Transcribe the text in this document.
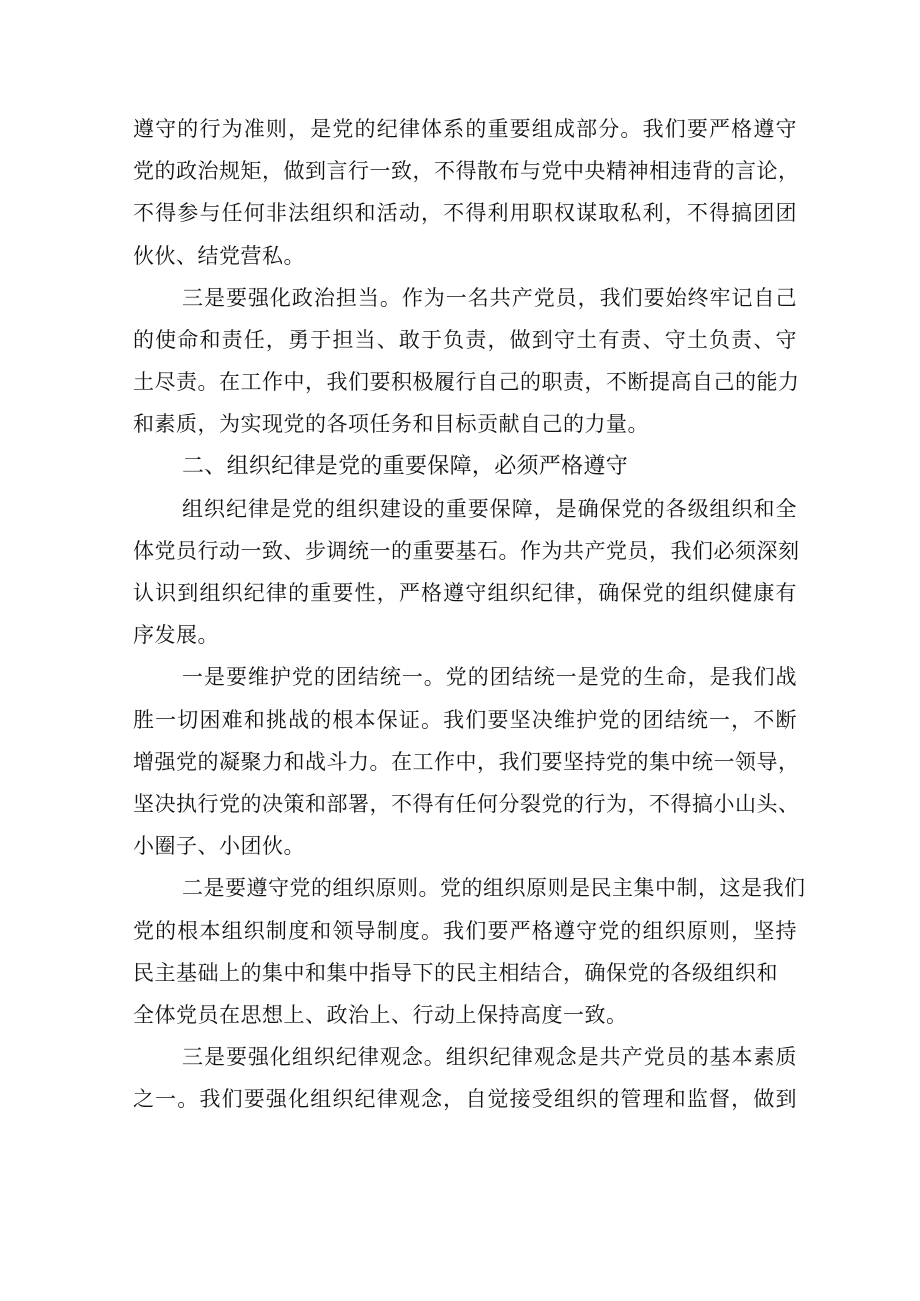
遵守的行为准则，是党的纪律体系的重要组成部分。我们要严格遵守
党的政治规矩，做到言行一致，不得散布与党中央精神相违背的言论，
不得参与任何非法组织和活动，不得利用职权谋取私利，不得搞团团
伙伙、结党营私。
三是要强化政治担当。作为一名共产党员，我们要始终牢记自己
的使命和责任，勇于担当、敢于负责，做到守土有责、守土负责、守
土尽责。在工作中，我们要积极履行自己的职责，不断提高自己的能力
和素质，为实现党的各项任务和目标贡献自己的力量。
二、组织纪律是党的重要保障，必须严格遵守
组织纪律是党的组织建设的重要保障，是确保党的各级组织和全
体党员行动一致、步调统一的重要基石。作为共产党员，我们必须深刻
认识到组织纪律的重要性，严格遵守组织纪律，确保党的组织健康有
序发展。
一是要维护党的团结统一。党的团结统一是党的生命，是我们战
胜一切困难和挑战的根本保证。我们要坚决维护党的团结统一，不断
增强党的凝聚力和战斗力。在工作中，我们要坚持党的集中统一领导，
坚决执行党的决策和部署，不得有任何分裂党的行为，不得搞小山头、
小圈子、小团伙。
二是要遵守党的组织原则。党的组织原则是民主集中制，这是我们
党的根本组织制度和领导制度。我们要严格遵守党的组织原则，坚持
民主基础上的集中和集中指导下的民主相结合，确保党的各级组织和
全体党员在思想上、政治上、行动上保持高度一致。
三是要强化组织纪律观念。组织纪律观念是共产党员的基本素质
之一。我们要强化组织纪律观念，自觉接受组织的管理和监督，做到
